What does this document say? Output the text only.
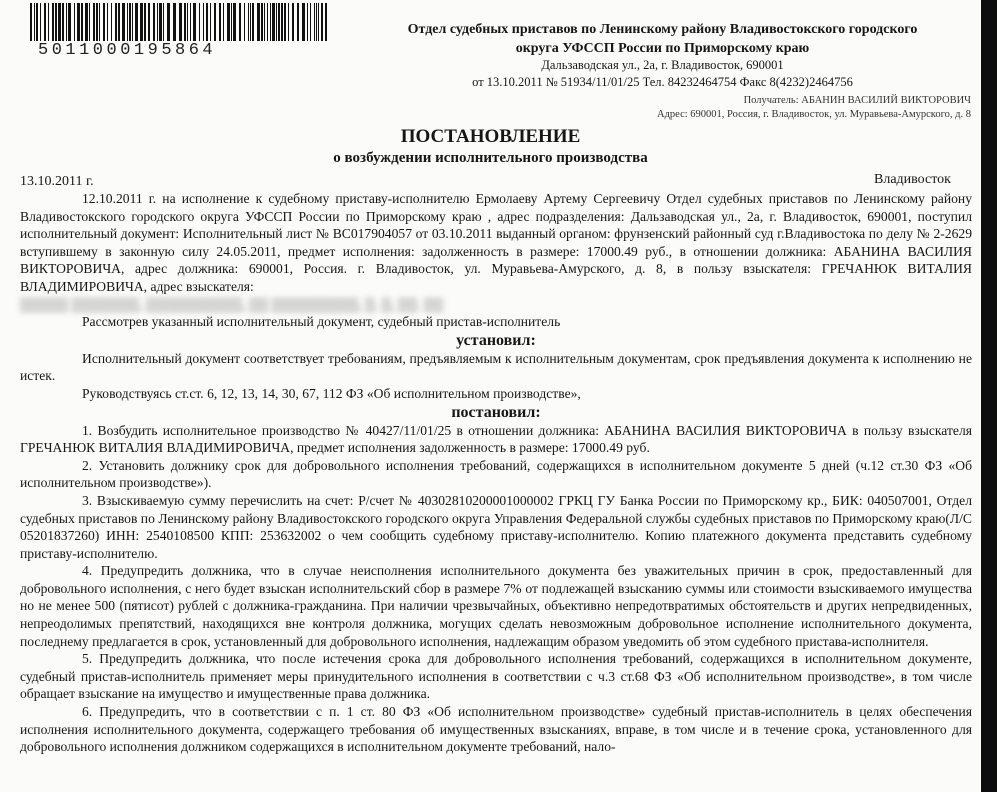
5011000195864
Отдел судебных приставов по Ленинскому району Владивостокского городского
округа УФССП России по Приморскому краю
Дальзаводская ул., 2а, г. Владивосток, 690001
от 13.10.2011 № 51934/11/01/25 Тел. 84232464754 Факс 8(4232)2464756
Получатель: АБАНИН ВАСИЛИЙ ВИКТОРОВИЧ
Адрес: 690001, Россия, г. Владивосток, ул. Муравьева-Амурского, д. 8
ПОСТАНОВЛЕНИЕ
о возбуждении исполнительного производства
13.10.2011 г.	Владивосток

12.10.2011 г. на исполнение к судебному приставу-исполнителю Ермолаеву Артему Сергеевичу Отдел судебных приставов по Ленинскому району Владивостокского городского округа УФССП России по Приморскому краю , адрес подразделения: Дальзаводская ул., 2а, г. Владивосток, 690001, поступил исполнительный документ: Исполнительный лист № ВС017904057 от 03.10.2011 выданный органом: фрунзенский районный суд г.Владивостока по делу № 2-2629 вступившему в законную силу 24.05.2011, предмет исполнения: задолженность в размере: 17000.49 руб., в отношении должника: АБАНИНА ВАСИЛИЯ ВИКТОРОВИЧА, адрес должника: 690001, Россия. г. Владивосток, ул. Муравьева-Амурского, д. 8, в пользу взыскателя: ГРЕЧАНЮК ВИТАЛИЯ ВЛАДИМИРОВИЧА, адрес взыскателя:

▒▒▒▒▒ ▒▒▒▒▒▒▒, ▒▒▒▒▒▒▒▒▒▒, ▒▒ ▒▒▒▒▒▒▒▒▒, ▒. ▒, ▒▒. ▒▒

Рассмотрев указанный исполнительный документ, судебный пристав-исполнитель

установил:

Исполнительный документ соответствует требованиям, предъявляемым к исполнительным документам, срок предъявления документа к исполнению не истек.

Руководствуясь ст.ст. 6, 12, 13, 14, 30, 67, 112 ФЗ «Об исполнительном производстве»,

постановил:

1. Возбудить исполнительное производство № 40427/11/01/25 в отношении должника: АБАНИНА ВАСИЛИЯ ВИКТОРОВИЧА в пользу взыскателя ГРЕЧАНЮК ВИТАЛИЯ ВЛАДИМИРОВИЧА, предмет исполнения задолженность в размере: 17000.49 руб.

2. Установить должнику срок для добровольного исполнения требований, содержащихся в исполнительном документе 5 дней (ч.12 ст.30 ФЗ «Об исполнительном производстве»).

3. Взыскиваемую сумму перечислить на счет: Р/счет № 40302810200001000002 ГРКЦ ГУ Банка России по Приморскому кр., БИК: 040507001, Отдел судебных приставов по Ленинскому району Владивостокского городского округа Управления Федеральной службы судебных приставов по Приморскому краю(Л/С 05201837260) ИНН: 2540108500 КПП: 253632002 о чем сообщить судебному приставу-исполнителю. Копию платежного документа представить судебному приставу-исполнителю.

4. Предупредить должника, что в случае неисполнения исполнительного документа без уважительных причин в срок, предоставленный для добровольного исполнения, с него будет взыскан исполнительский сбор в размере 7% от подлежащей взысканию суммы или стоимости взыскиваемого имущества но не менее 500 (пятисот) рублей с должника-гражданина. При наличии чрезвычайных, объективно непредотвратимых обстоятельств и других непредвиденных, непреодолимых препятствий, находящихся вне контроля должника, могущих сделать невозможным добровольное исполнение исполнительного документа, последнему предлагается в срок, установленный для добровольного исполнения, надлежащим образом уведомить об этом судебного пристава-исполнителя.

5. Предупредить должника, что после истечения срока для добровольного исполнения требований, содержащихся в исполнительном документе, судебный пристав-исполнитель применяет меры принудительного исполнения в соответствии с ч.3 ст.68 ФЗ «Об исполнительном производстве», в том числе обращает взыскание на имущество и имущественные права должника.

6. Предупредить, что в соответствии с п. 1 ст. 80 ФЗ «Об исполнительном производстве» судебный пристав-исполнитель в целях обеспечения исполнения исполнительного документа, содержащего требования об имущественных взысканиях, вправе, в том числе и в течение срока, установленного для добровольного исполнения должником содержащихся в исполнительном документе требований, нало-
